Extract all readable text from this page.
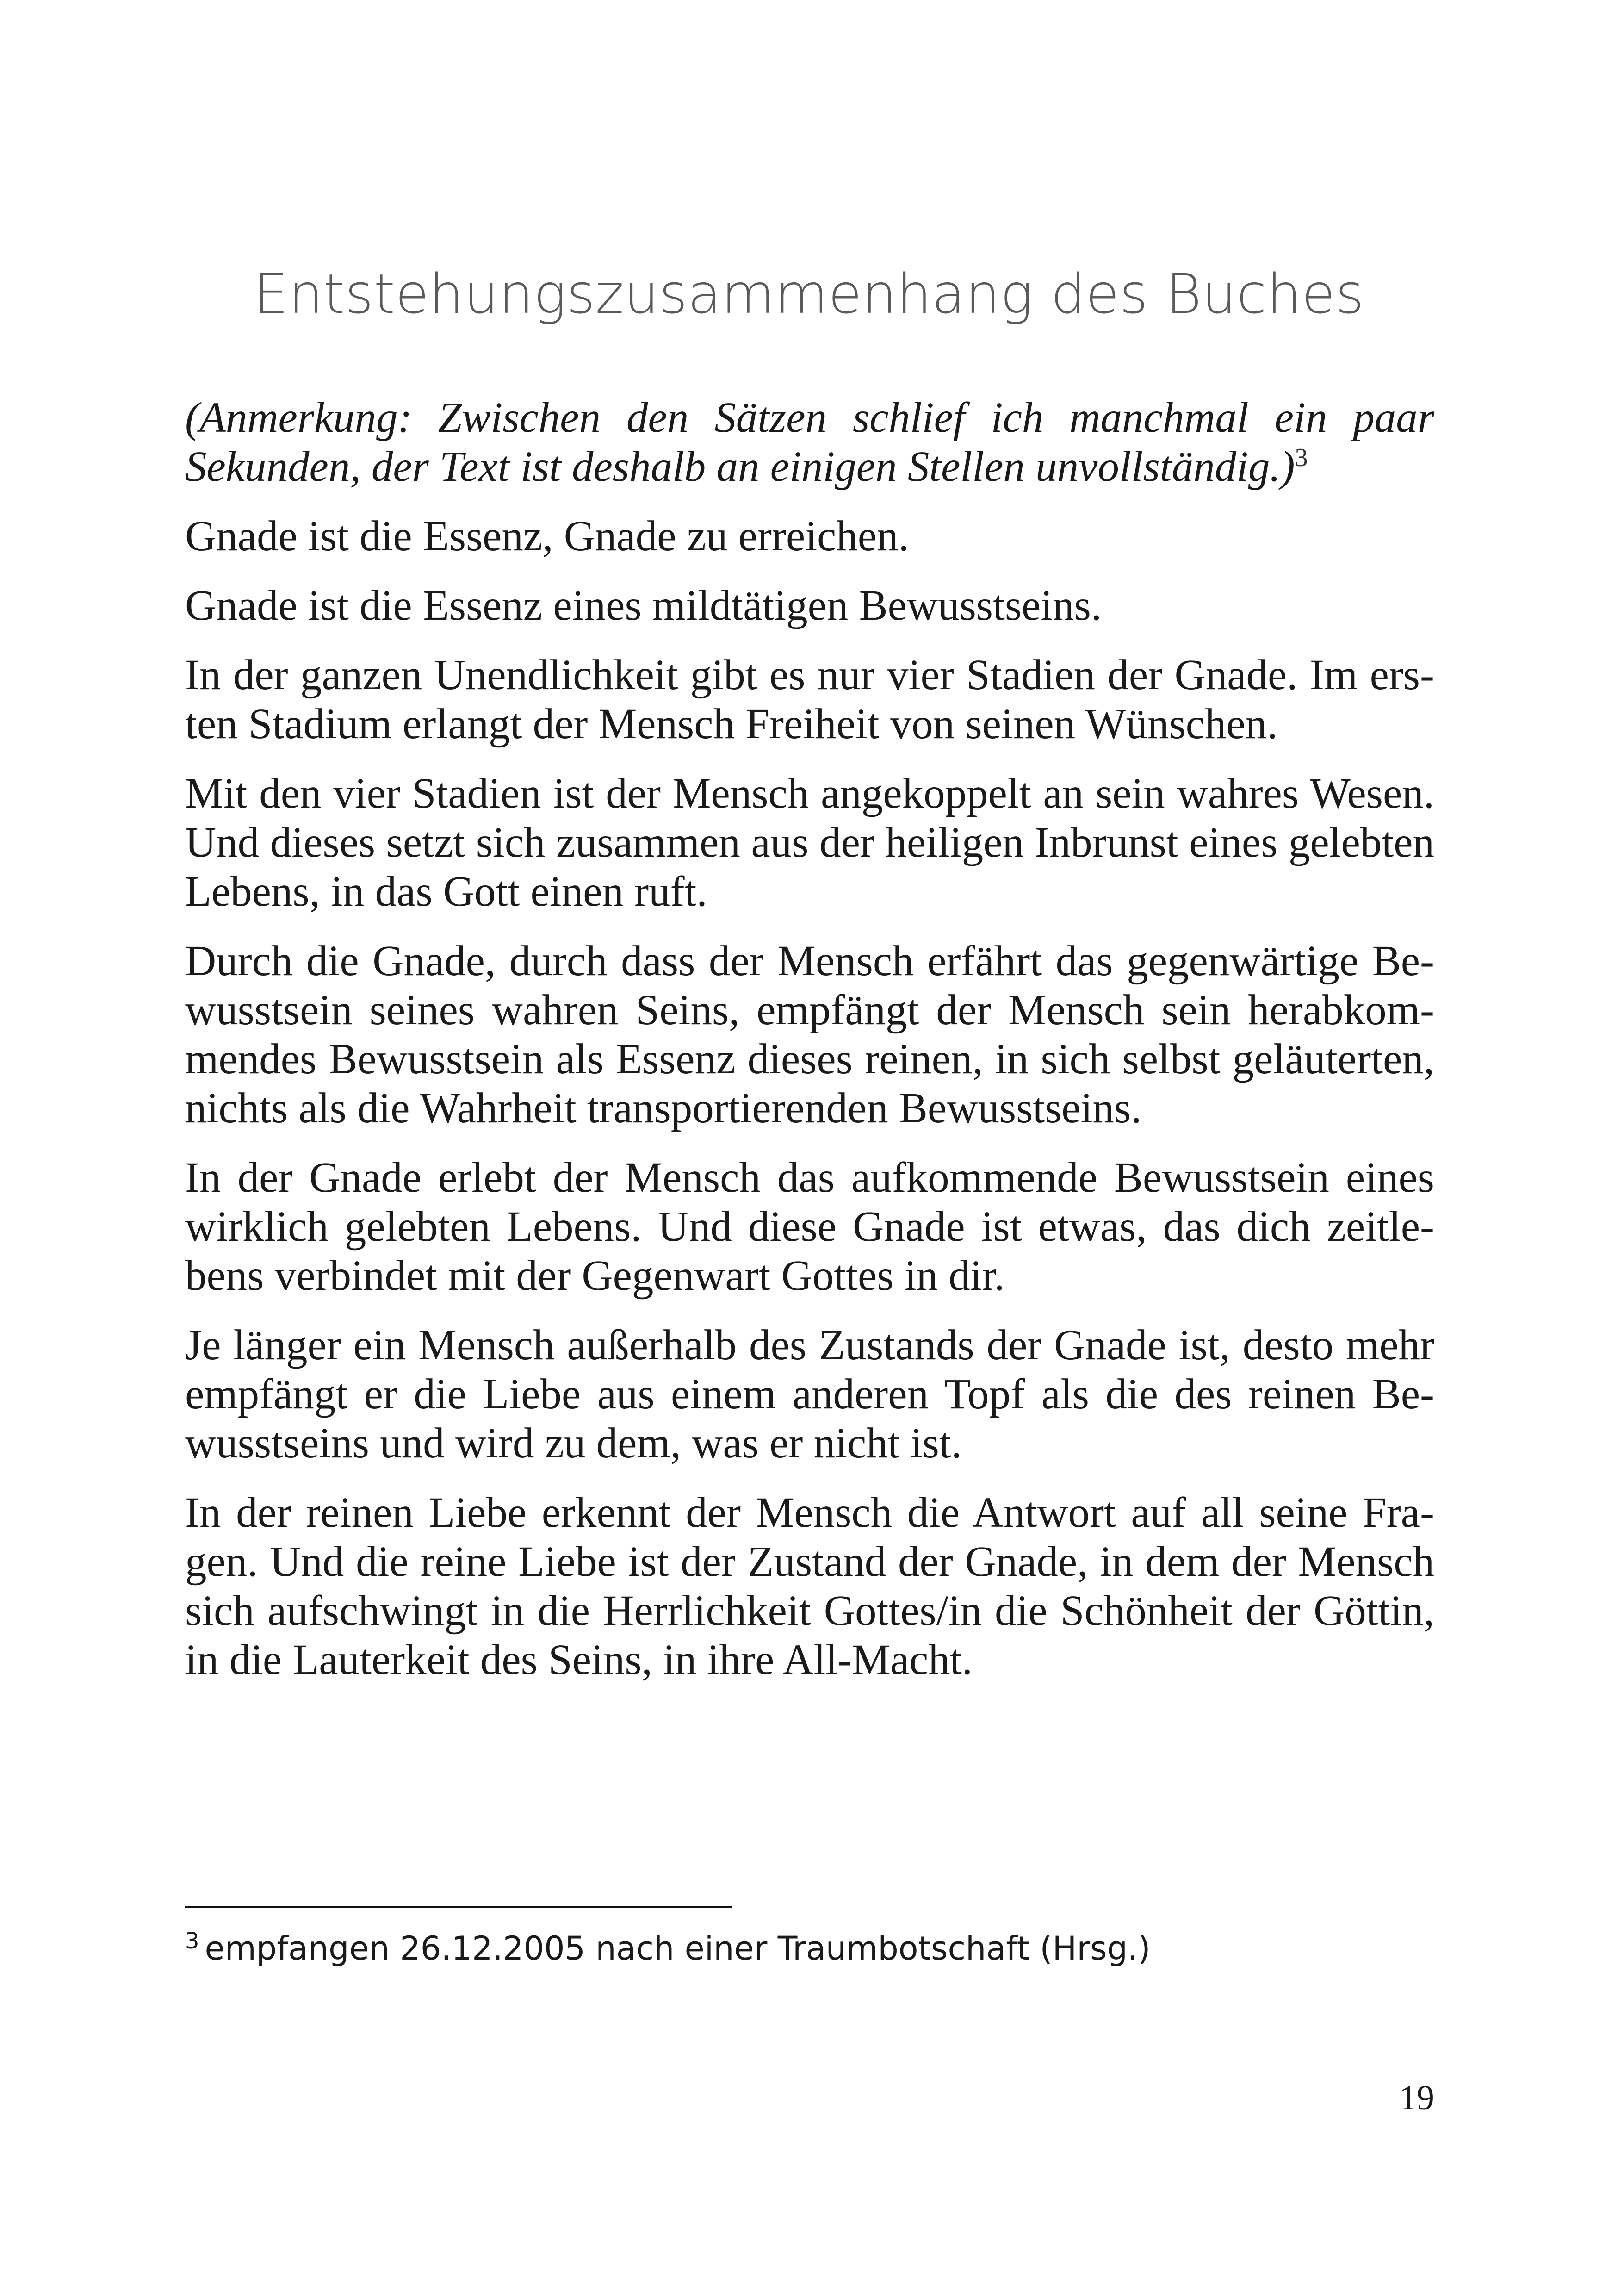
Entstehungszusammenhang des Buches

(Anmerkung: Zwischen den Sätzen schlief ich manchmal ein paar Sekunden, der Text ist deshalb an einigen Stellen unvollständig.)$^3$

Gnade ist die Essenz, Gnade zu erreichen.

Gnade ist die Essenz eines mildtätigen Bewusstseins.

In der ganzen Unendlichkeit gibt es nur vier Stadien der Gnade. Im ersten Stadium erlangt der Mensch Freiheit von seinen Wünschen.

Mit den vier Stadien ist der Mensch angekoppelt an sein wahres Wesen. Und dieses setzt sich zusammen aus der heiligen Inbrunst eines gelebten Lebens, in das Gott einen ruft.

Durch die Gnade, durch dass der Mensch erfährt das gegenwärtige Bewusstsein seines wahren Seins, empfängt der Mensch sein herabkommendes Bewusstsein als Essenz dieses reinen, in sich selbst geläuterten, nichts als die Wahrheit transportierenden Bewusstseins.

In der Gnade erlebt der Mensch das aufkommende Bewusstsein eines wirklich gelebten Lebens. Und diese Gnade ist etwas, das dich zeitlebens verbindet mit der Gegenwart Gottes in dir.

Je länger ein Mensch außerhalb des Zustands der Gnade ist, desto mehr empfängt er die Liebe aus einem anderen Topf als die des reinen Bewusstseins und wird zu dem, was er nicht ist.

In der reinen Liebe erkennt der Mensch die Antwort auf all seine Fragen. Und die reine Liebe ist der Zustand der Gnade, in dem der Mensch sich aufschwingt in die Herrlichkeit Gottes/in die Schönheit der Göttin, in die Lauterkeit des Seins, in ihre All-Macht.

$^3$ empfangen 26.12.2005 nach einer Traumbotschaft (Hrsg.)
19
